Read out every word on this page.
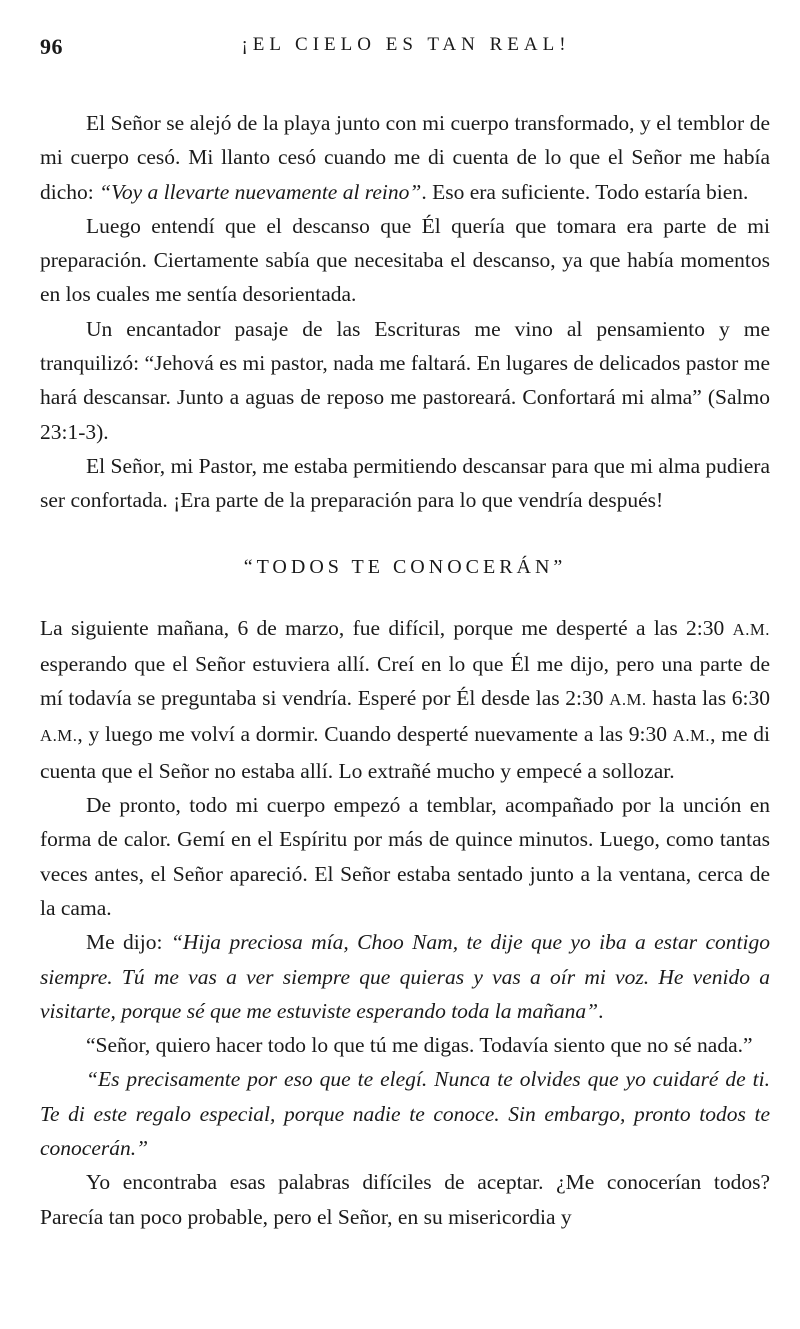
96	¡EL CIELO ES TAN REAL!

El Señor se alejó de la playa junto con mi cuerpo transformado, y el temblor de mi cuerpo cesó. Mi llanto cesó cuando me di cuenta de lo que el Señor me había dicho: “Voy a llevarte nuevamente al reino”. Eso era suficiente. Todo estaría bien.

Luego entendí que el descanso que Él quería que tomara era parte de mi preparación. Ciertamente sabía que necesitaba el descanso, ya que había momentos en los cuales me sentía desorientada.

Un encantador pasaje de las Escrituras me vino al pensamiento y me tranquilizó: “Jehová es mi pastor, nada me faltará. En lugares de delicados pastor me hará descansar. Junto a aguas de reposo me pastoreará. Confortará mi alma” (Salmo 23:1-3).

El Señor, mi Pastor, me estaba permitiendo descansar para que mi alma pudiera ser confortada. ¡Era parte de la preparación para lo que vendría después!

“TODOS TE CONOCERÁN”

La siguiente mañana, 6 de marzo, fue difícil, porque me desperté a las 2:30 A.M. esperando que el Señor estuviera allí. Creí en lo que Él me dijo, pero una parte de mí todavía se preguntaba si vendría. Esperé por Él desde las 2:30 A.M. hasta las 6:30 A.M., y luego me volví a dormir. Cuando desperté nuevamente a las 9:30 A.M., me di cuenta que el Señor no estaba allí. Lo extrañé mucho y empecé a sollozar.

De pronto, todo mi cuerpo empezó a temblar, acompañado por la unción en forma de calor. Gemí en el Espíritu por más de quince minutos. Luego, como tantas veces antes, el Señor apareció. El Señor estaba sentado junto a la ventana, cerca de la cama.

Me dijo: “Hija preciosa mía, Choo Nam, te dije que yo iba a estar contigo siempre. Tú me vas a ver siempre que quieras y vas a oír mi voz. He venido a visitarte, porque sé que me estuviste esperando toda la mañana”.

“Señor, quiero hacer todo lo que tú me digas. Todavía siento que no sé nada.”

“Es precisamente por eso que te elegí. Nunca te olvides que yo cuidaré de ti. Te di este regalo especial, porque nadie te conoce. Sin embargo, pronto todos te conocerán.”

Yo encontraba esas palabras difíciles de aceptar. ¿Me conocerían todos? Parecía tan poco probable, pero el Señor, en su misericordia y
